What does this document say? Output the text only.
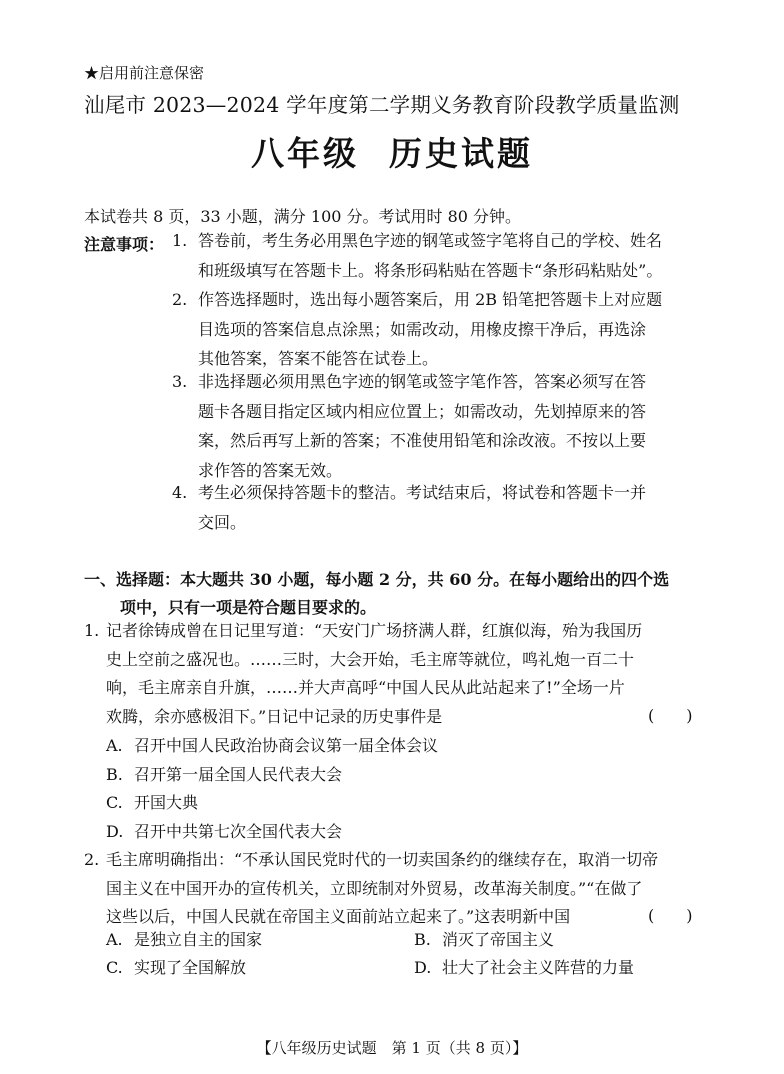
★启用前注意保密
汕尾市 2023—2024 学年度第二学期义务教育阶段教学质量监测
八年级 历史试题
本试卷共 8 页，33 小题，满分 100 分。考试用时 80 分钟。
注意事项： 1. 答卷前，考生务必用黑色字迹的钢笔或签字笔将自己的学校、姓名
和班级填写在答题卡上。将条形码粘贴在答题卡“条形码粘贴处”。
2. 作答选择题时，选出每小题答案后，用 2B 铅笔把答题卡上对应题
目选项的答案信息点涂黑；如需改动，用橡皮擦干净后，再选涂
其他答案，答案不能答在试卷上。
3. 非选择题必须用黑色字迹的钢笔或签字笔作答，答案必须写在答
题卡各题目指定区域内相应位置上；如需改动，先划掉原来的答
案，然后再写上新的答案；不准使用铅笔和涂改液。不按以上要
求作答的答案无效。
4. 考生必须保持答题卡的整洁。考试结束后，将试卷和答题卡一并
交回。
一、选择题：本大题共 30 小题，每小题 2 分，共 60 分。在每小题给出的四个选
项中，只有一项是符合题目要求的。
1. 记者徐铸成曾在日记里写道：“天安门广场挤满人群，红旗似海，殆为我国历
史上空前之盛况也。……三时，大会开始，毛主席等就位，鸣礼炮一百二十
响，毛主席亲自升旗，……并大声高呼“中国人民从此站起来了!”全场一片
欢腾，余亦感极泪下。”日记中记录的历史事件是
A. 召开中国人民政治协商会议第一届全体会议
B. 召开第一届全国人民代表大会
C. 开国大典
D. 召开中共第七次全国代表大会
(　　)
2. 毛主席明确指出：“不承认国民党时代的一切卖国条约的继续存在，取消一切帝
国主义在中国开办的宣传机关，立即统制对外贸易，改革海关制度。”“在做了
这些以后，中国人民就在帝国主义面前站立起来了。”这表明新中国	(　　)
A. 是独立自主的国家	B. 消灭了帝国主义
C. 实现了全国解放	D. 壮大了社会主义阵营的力量
【八年级历史试题　第 1 页（共 8 页）】
